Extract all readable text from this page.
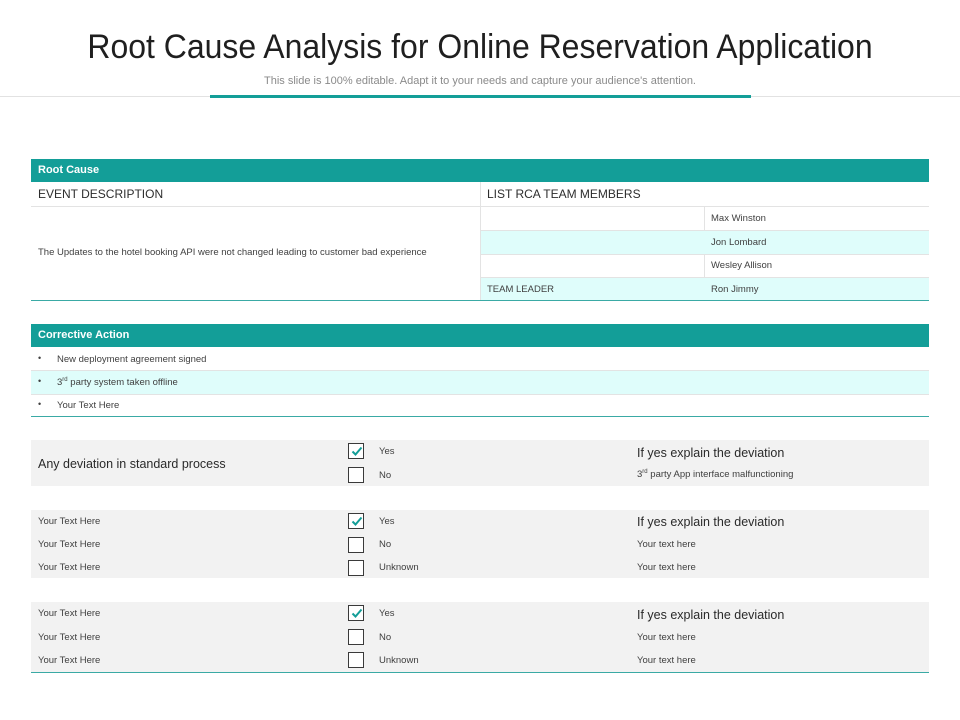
Root Cause Analysis for Online Reservation Application
This slide is 100% editable. Adapt it to your needs and capture your audience's attention.
Root Cause
EVENT DESCRIPTION	LIST RCA TEAM MEMBERS
The Updates to the hotel booking API were not changed leading to customer bad experience
Max Winston
Jon Lombard
Wesley Allison
TEAM LEADER	Ron Jimmy
Corrective Action
• New deployment agreement signed
• 3rd party system taken offline
• Your Text Here
Any deviation in standard process
Yes
No
If yes explain the deviation
3rd party App interface malfunctioning
Your Text Here
Your Text Here
Your Text Here
Yes
No
Unknown
If yes explain the deviation
Your text here
Your text here
Your Text Here
Your Text Here
Your Text Here
Yes
No
Unknown
If yes explain the deviation
Your text here
Your text here
